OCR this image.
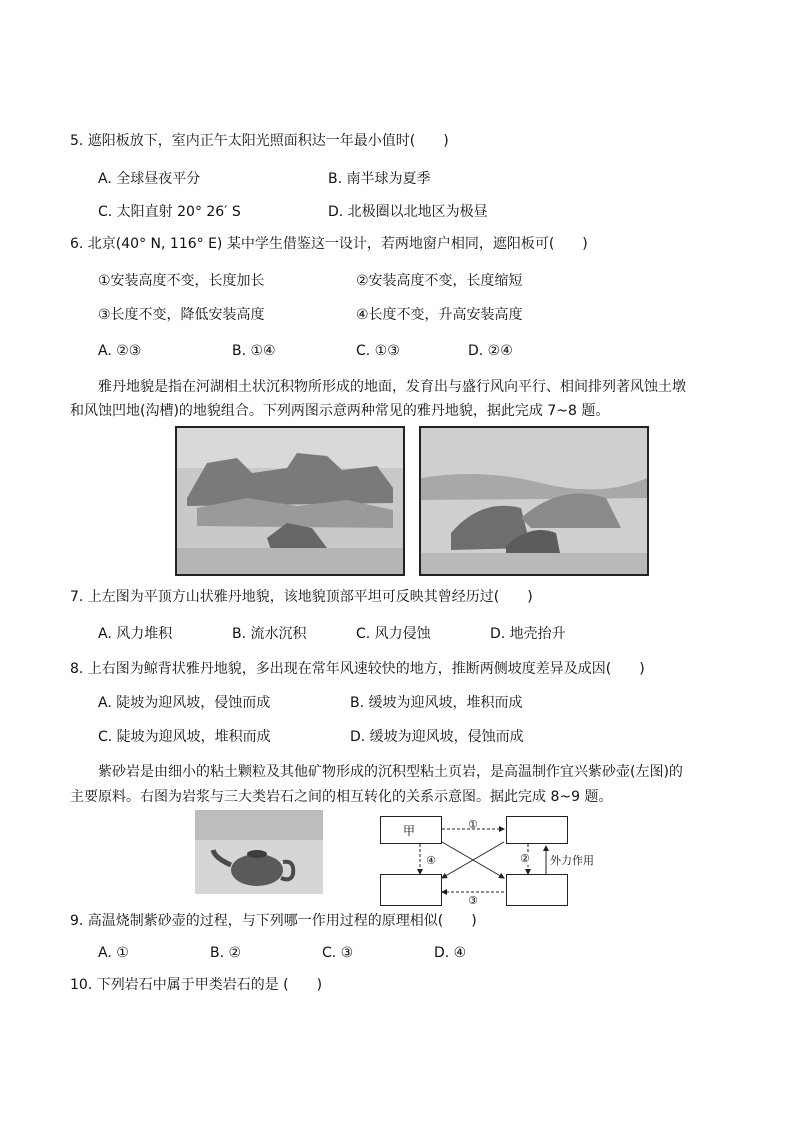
5. 遮阳板放下，室内正午太阳光照面积达一年最小值时(　　)
A. 全球昼夜平分	B. 南半球为夏季
C. 太阳直射 20° 26′ S	D. 北极圈以北地区为极昼
6. 北京(40° N, 116° E) 某中学生借鉴这一设计，若两地窗户相同，遮阳板可(　　)
①安装高度不变，长度加长	②安装高度不变，长度缩短
③长度不变，降低安装高度	④长度不变，升高安装高度
A. ②③	B. ①④	C. ①③	D. ②④
雅丹地貌是指在河湖相土状沉积物所形成的地面，发育出与盛行风向平行、相间排列著风蚀土墩
和风蚀凹地(沟槽)的地貌组合。下列两图示意两种常见的雅丹地貌，据此完成 7~8 题。
7. 上左图为平顶方山状雅丹地貌，该地貌顶部平坦可反映其曾经历过(　　)
A. 风力堆积	B. 流水沉积	C. 风力侵蚀	D. 地壳抬升
8. 上右图为鲸背状雅丹地貌，多出现在常年风速较快的地方，推断两侧坡度差异及成因(　　)
A. 陡坡为迎风坡，侵蚀而成	B. 缓坡为迎风坡，堆积而成
C. 陡坡为迎风坡，堆积而成	D. 缓坡为迎风坡，侵蚀而成
紫砂岩是由细小的粘土颗粒及其他矿物形成的沉积型粘土页岩，是高温制作宜兴紫砂壶(左图)的
主要原料。右图为岩浆与三大类岩石之间的相互转化的关系示意图。据此完成 8~9 题。
甲	①
②
③
④	外力作用
9. 高温烧制紫砂壶的过程，与下列哪一作用过程的原理相似(　　)
A. ①	B. ②	C. ③	D. ④
10. 下列岩石中属于甲类岩石的是 (　　)
